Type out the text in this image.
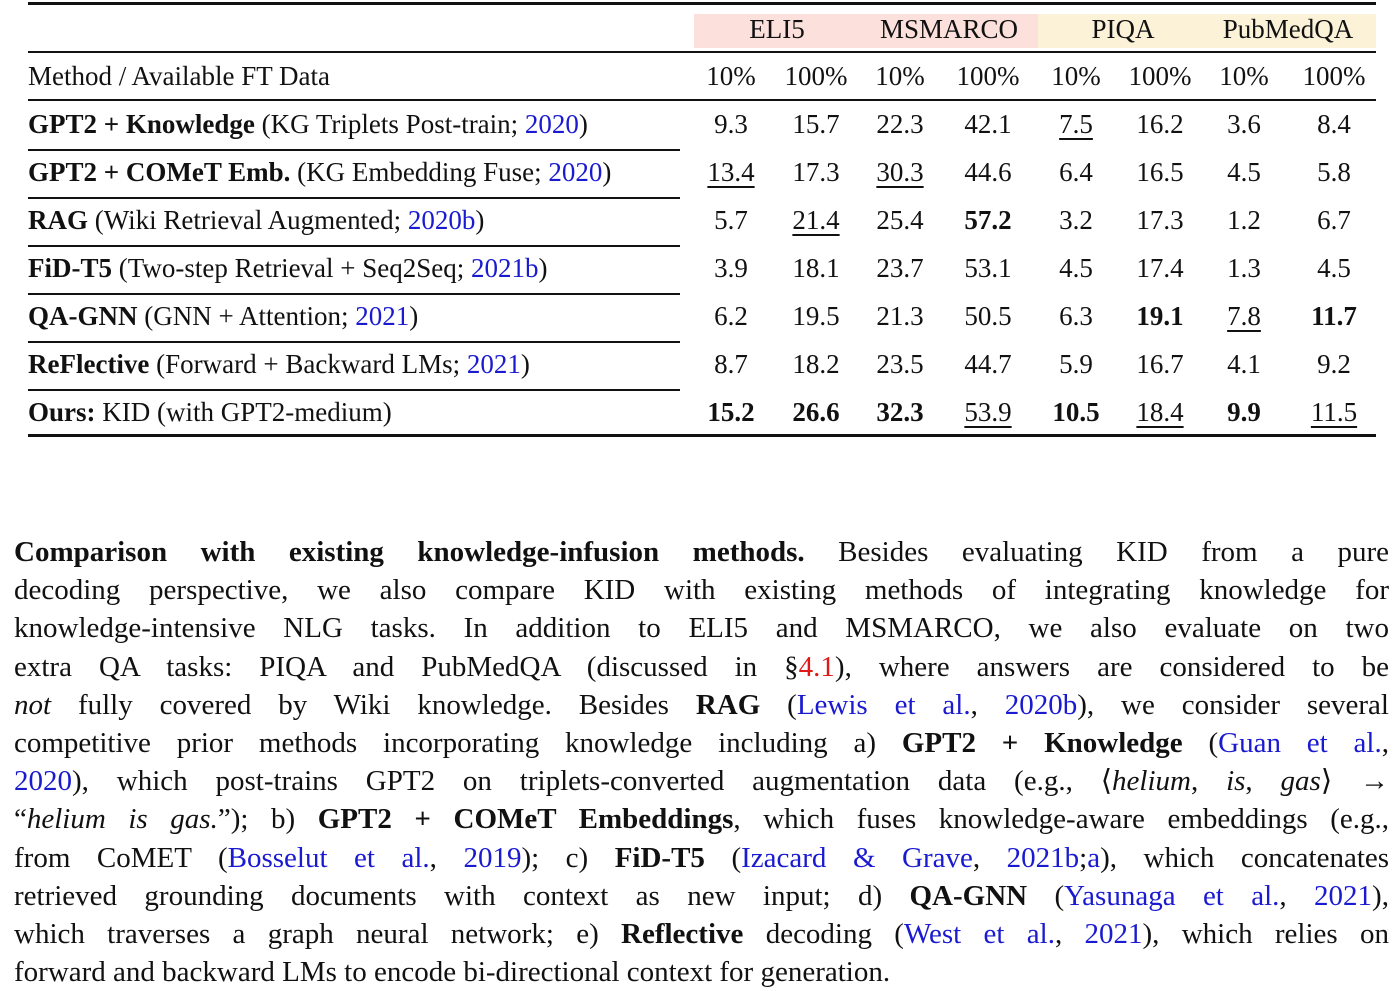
ELI5	MSMARCO	PIQA	PubMedQA
Method / Available FT Data	10%	100%	10%	100%	10%	100%	10%	100%
GPT2 + Knowledge (KG Triplets Post-train; 2020)	9.3	15.7	22.3	42.1	7.5	16.2	3.6	8.4
GPT2 + COMeT Emb. (KG Embedding Fuse; 2020)	13.4	17.3	30.3	44.6	6.4	16.5	4.5	5.8
RAG (Wiki Retrieval Augmented; 2020b)	5.7	21.4	25.4	57.2	3.2	17.3	1.2	6.7
FiD-T5 (Two-step Retrieval + Seq2Seq; 2021b)	3.9	18.1	23.7	53.1	4.5	17.4	1.3	4.5
QA-GNN (GNN + Attention; 2021)	6.2	19.5	21.3	50.5	6.3	19.1	7.8	11.7
ReFlective (Forward + Backward LMs; 2021)	8.7	18.2	23.5	44.7	5.9	16.7	4.1	9.2
Ours: KID (with GPT2-medium)	15.2	26.6	32.3	53.9	10.5	18.4	9.9	11.5
Comparison with existing knowledge-infusion methods. Besides evaluating KID from a pure
decoding perspective, we also compare KID with existing methods of integrating knowledge for
knowledge-intensive NLG tasks. In addition to ELI5 and MSMARCO, we also evaluate on two
extra QA tasks: PIQA and PubMedQA (discussed in §4.1), where answers are considered to be
not fully covered by Wiki knowledge. Besides RAG (Lewis et al., 2020b), we consider several
competitive prior methods incorporating knowledge including a) GPT2 + Knowledge (Guan et al.,
2020), which post-trains GPT2 on triplets-converted augmentation data (e.g., ⟨helium, is, gas⟩ →
“helium is gas.”); b) GPT2 + COMeT Embeddings, which fuses knowledge-aware embeddings (e.g.,
from CoMET (Bosselut et al., 2019); c) FiD-T5 (Izacard & Grave, 2021b;a), which concatenates
retrieved grounding documents with context as new input; d) QA-GNN (Yasunaga et al., 2021),
which traverses a graph neural network; e) Reflective decoding (West et al., 2021), which relies on
forward and backward LMs to encode bi-directional context for generation.
